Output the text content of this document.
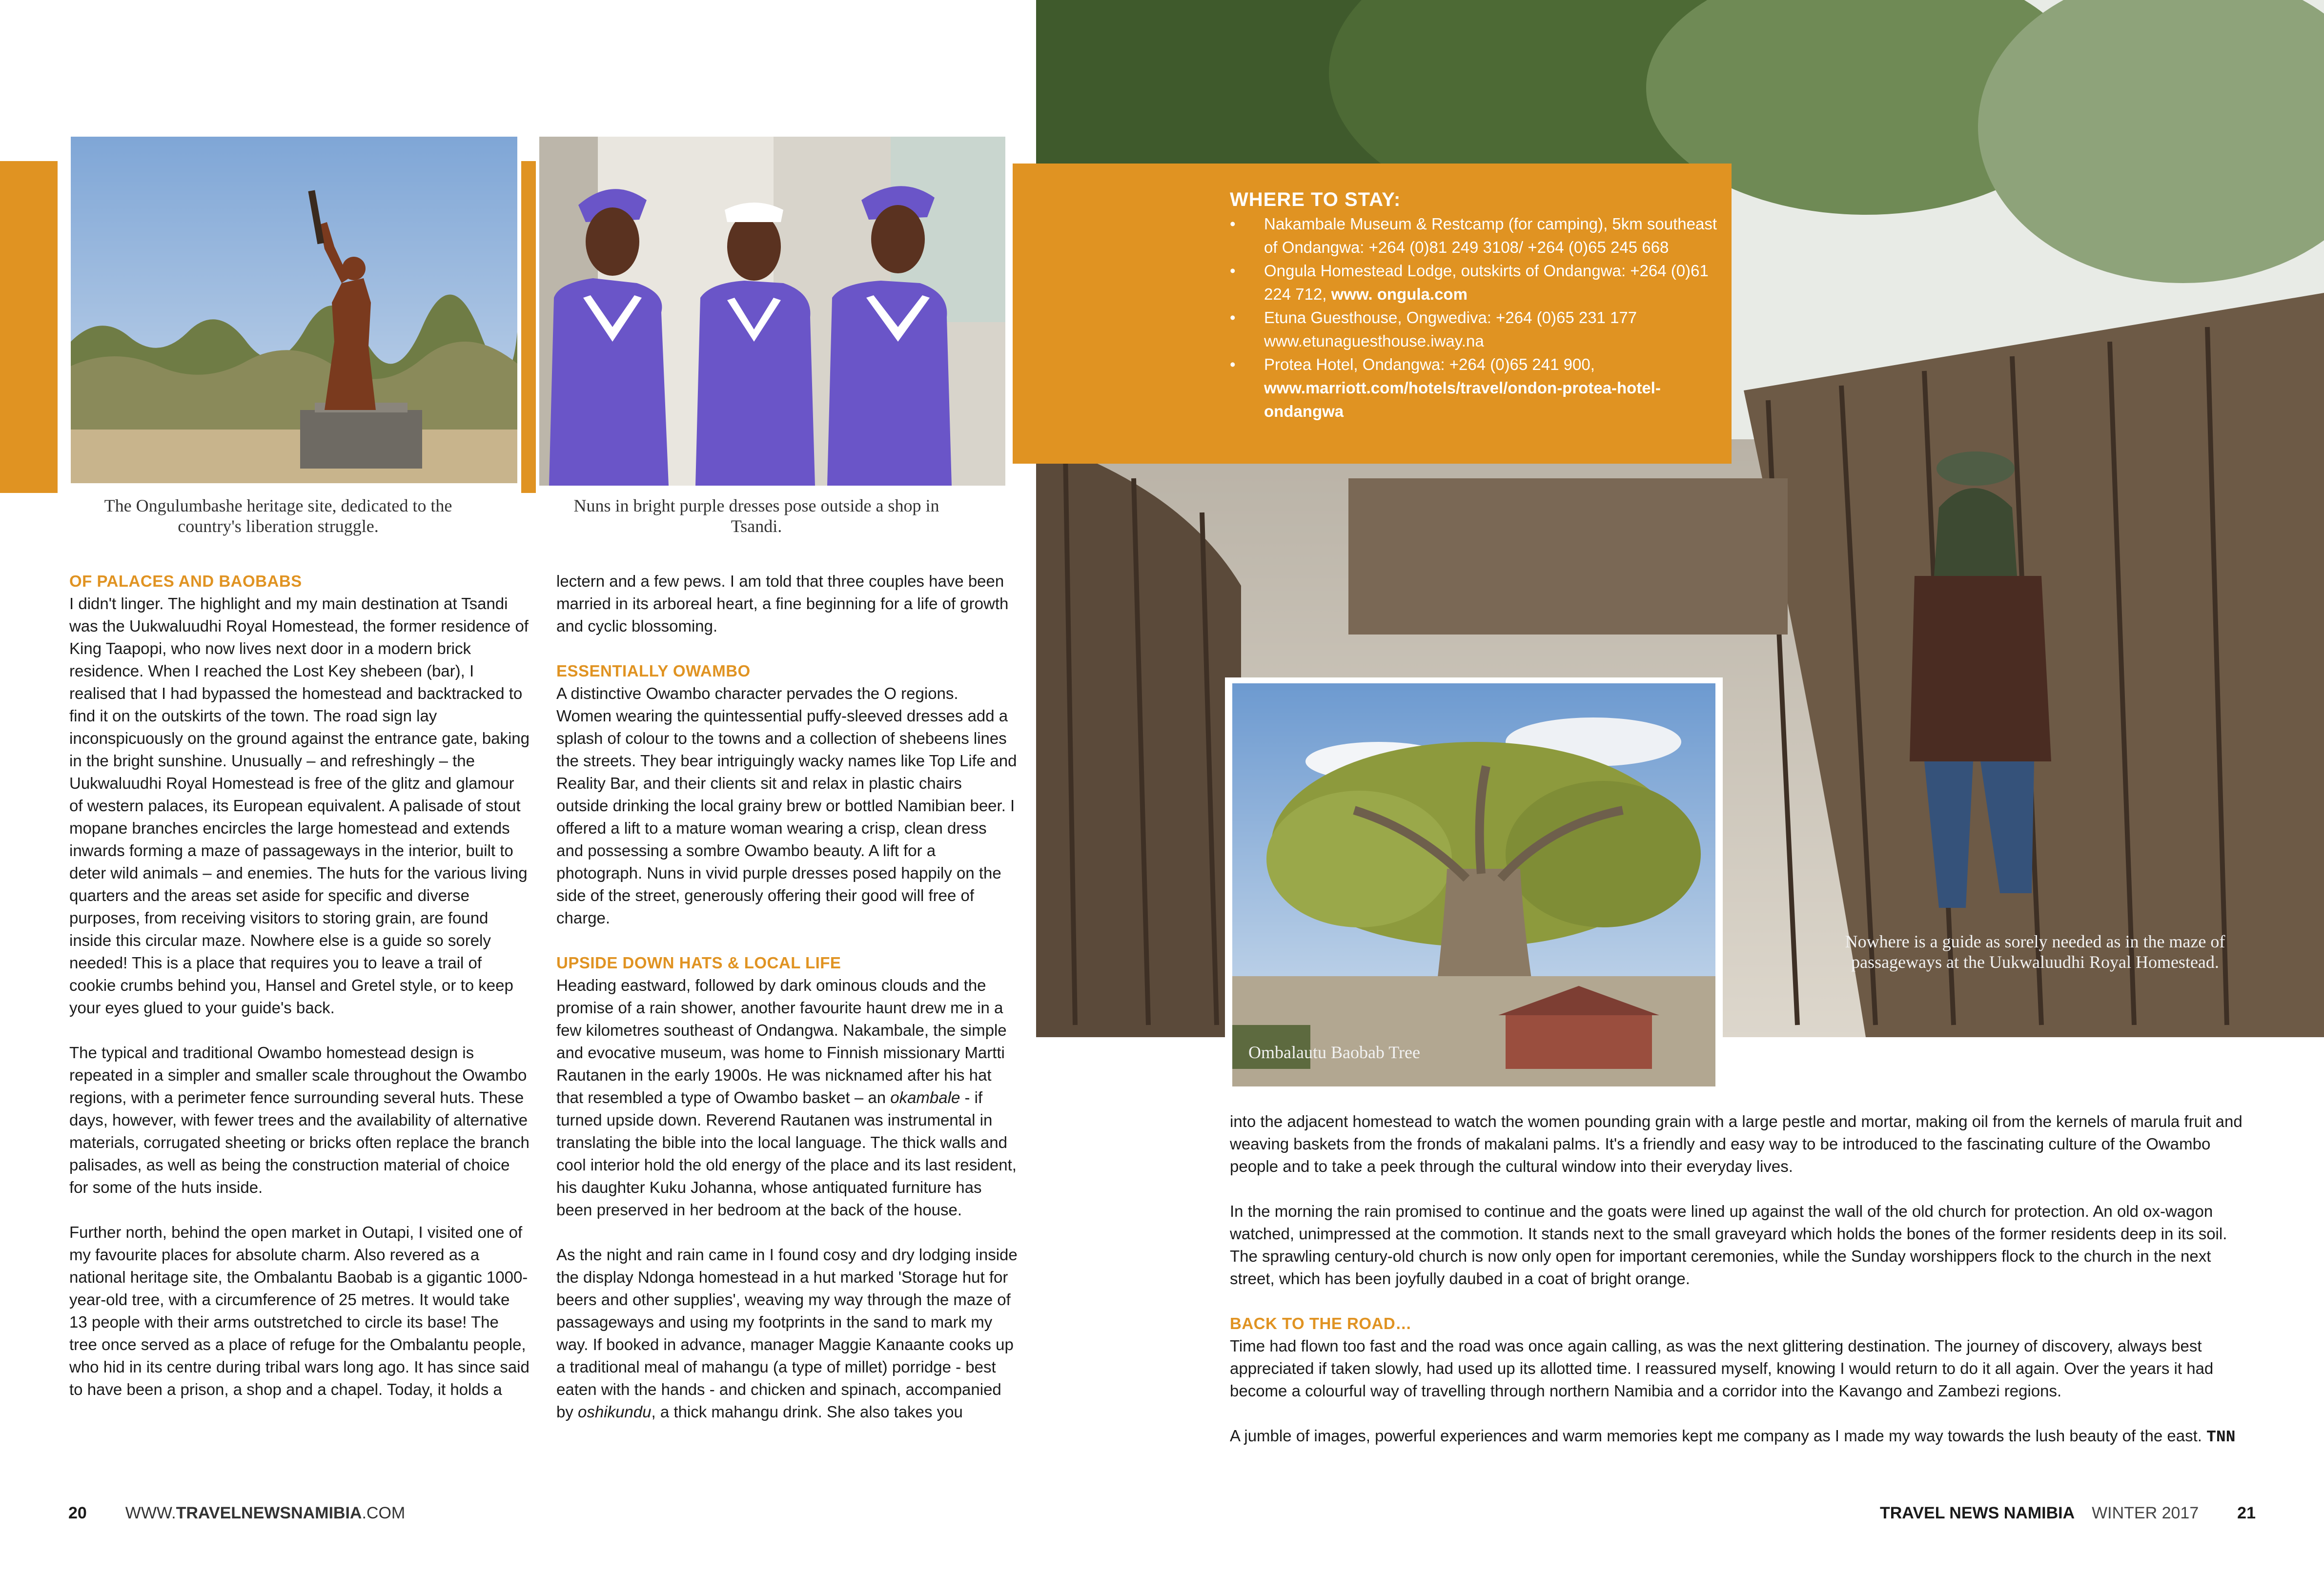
The Ongulumbashe heritage site, dedicated to the country's liberation struggle.
Nuns in bright purple dresses pose outside a shop in Tsandi.
WHERE TO STAY:
• Nakambale Museum & Restcamp (for camping), 5km southeast of Ondangwa: +264 (0)81 249 3108/ +264 (0)65 245 668
• Ongula Homestead Lodge, outskirts of Ondangwa: +264 (0)61 224 712, www. ongula.com
• Etuna Guesthouse, Ongwediva: +264 (0)65 231 177 www.etunaguesthouse.iway.na
• Protea Hotel, Ondangwa: +264 (0)65 241 900, www.marriott.com/hotels/travel/ondon-protea-hotel-ondangwa
Nowhere is a guide as sorely needed as in the maze of passageways at the Uukwaluudhi Royal Homestead.
Ombalautu Baobab Tree
OF PALACES AND BAOBABS

I didn't linger. The highlight and my main destination at Tsandi was the Uukwaluudhi Royal Homestead, the former residence of King Taapopi, who now lives next door in a modern brick residence. When I reached the Lost Key shebeen (bar), I realised that I had bypassed the homestead and backtracked to find it on the outskirts of the town. The road sign lay inconspicuously on the ground against the entrance gate, baking in the bright sunshine. Unusually – and refreshingly – the Uukwaluudhi Royal Homestead is free of the glitz and glamour of western palaces, its European equivalent. A palisade of stout mopane branches encircles the large homestead and extends inwards forming a maze of passageways in the interior, built to deter wild animals – and enemies. The huts for the various living quarters and the areas set aside for specific and diverse purposes, from receiving visitors to storing grain, are found inside this circular maze. Nowhere else is a guide so sorely needed! This is a place that requires you to leave a trail of cookie crumbs behind you, Hansel and Gretel style, or to keep your eyes glued to your guide's back.

The typical and traditional Owambo homestead design is repeated in a simpler and smaller scale throughout the Owambo regions, with a perimeter fence surrounding several huts. These days, however, with fewer trees and the availability of alternative materials, corrugated sheeting or bricks often replace the branch palisades, as well as being the construction material of choice for some of the huts inside.

Further north, behind the open market in Outapi, I visited one of my favourite places for absolute charm. Also revered as a national heritage site, the Ombalantu Baobab is a gigantic 1000-year-old tree, with a circumference of 25 metres. It would take 13 people with their arms outstretched to circle its base! The tree once served as a place of refuge for the Ombalantu people, who hid in its centre during tribal wars long ago. It has since said to have been a prison, a shop and a chapel. Today, it holds a

lectern and a few pews. I am told that three couples have been married in its arboreal heart, a fine beginning for a life of growth and cyclic blossoming.

ESSENTIALLY OWAMBO

A distinctive Owambo character pervades the O regions. Women wearing the quintessential puffy-sleeved dresses add a splash of colour to the towns and a collection of shebeens lines the streets. They bear intriguingly wacky names like Top Life and Reality Bar, and their clients sit and relax in plastic chairs outside drinking the local grainy brew or bottled Namibian beer. I offered a lift to a mature woman wearing a crisp, clean dress and possessing a sombre Owambo beauty. A lift for a photograph. Nuns in vivid purple dresses posed happily on the side of the street, generously offering their good will free of charge.

UPSIDE DOWN HATS & LOCAL LIFE

Heading eastward, followed by dark ominous clouds and the promise of a rain shower, another favourite haunt drew me in a few kilometres southeast of Ondangwa. Nakambale, the simple and evocative museum, was home to Finnish missionary Martti Rautanen in the early 1900s. He was nicknamed after his hat that resembled a type of Owambo basket – an okambale - if turned upside down. Reverend Rautanen was instrumental in translating the bible into the local language. The thick walls and cool interior hold the old energy of the place and its last resident, his daughter Kuku Johanna, whose antiquated furniture has been preserved in her bedroom at the back of the house.

As the night and rain came in I found cosy and dry lodging inside the display Ndonga homestead in a hut marked 'Storage hut for beers and other supplies', weaving my way through the maze of passageways and using my footprints in the sand to mark my way. If booked in advance, manager Maggie Kanaante cooks up a traditional meal of mahangu (a type of millet) porridge - best eaten with the hands - and chicken and spinach, accompanied by oshikundu, a thick mahangu drink. She also takes you

into the adjacent homestead to watch the women pounding grain with a large pestle and mortar, making oil from the kernels of marula fruit and weaving baskets from the fronds of makalani palms. It's a friendly and easy way to be introduced to the fascinating culture of the Owambo people and to take a peek through the cultural window into their everyday lives.

In the morning the rain promised to continue and the goats were lined up against the wall of the old church for protection. An old ox-wagon watched, unimpressed at the commotion. It stands next to the small graveyard which holds the bones of the former residents deep in its soil. The sprawling century-old church is now only open for important ceremonies, while the Sunday worshippers flock to the church in the next street, which has been joyfully daubed in a coat of bright orange.

BACK TO THE ROAD…

Time had flown too fast and the road was once again calling, as was the next glittering destination. The journey of discovery, always best appreciated if taken slowly, had used up its allotted time. I reassured myself, knowing I would return to do it all again. Over the years it had become a colourful way of travelling through northern Namibia and a corridor into the Kavango and Zambezi regions.

A jumble of images, powerful experiences and warm memories kept me company as I made my way towards the lush beauty of the east. TNN

20 WWW.TRAVELNEWSNAMIBIA.COM	TRAVEL NEWS NAMIBIA WINTER 2017 21
